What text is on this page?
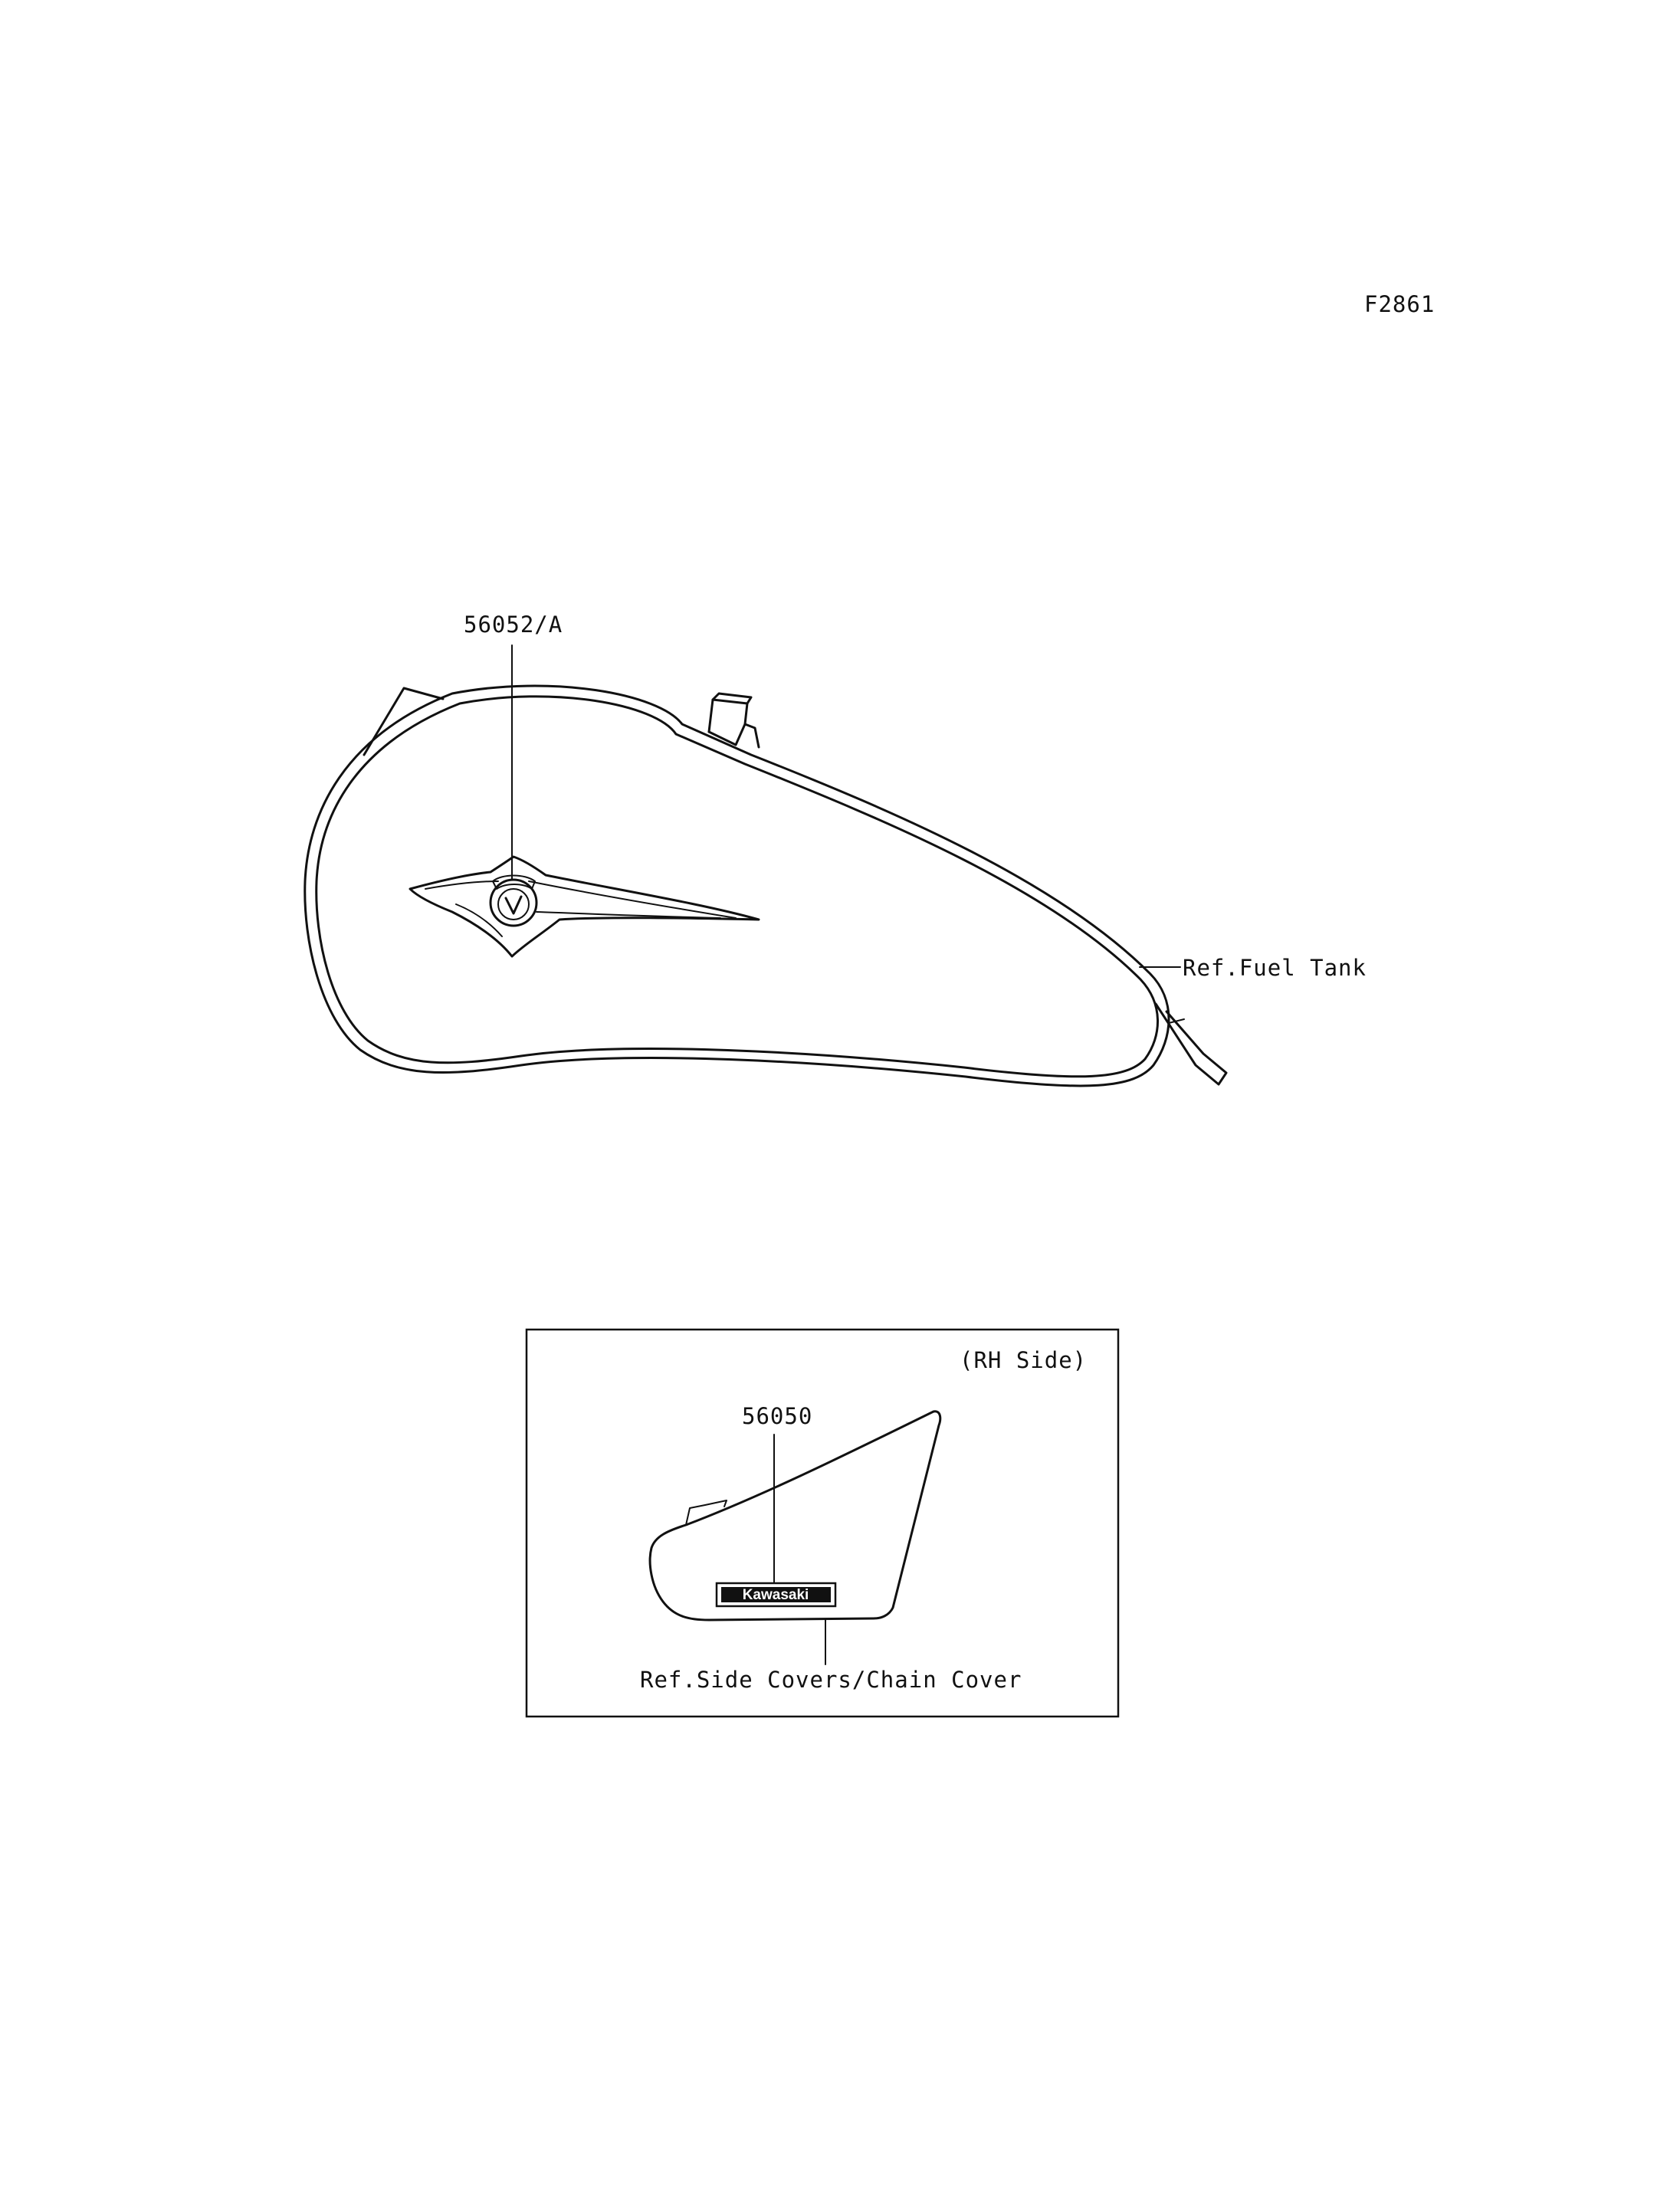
F2861
56052/A
Ref.Fuel Tank
(RH Side)
56050
Kawasaki
Ref.Side Covers/Chain Cover
